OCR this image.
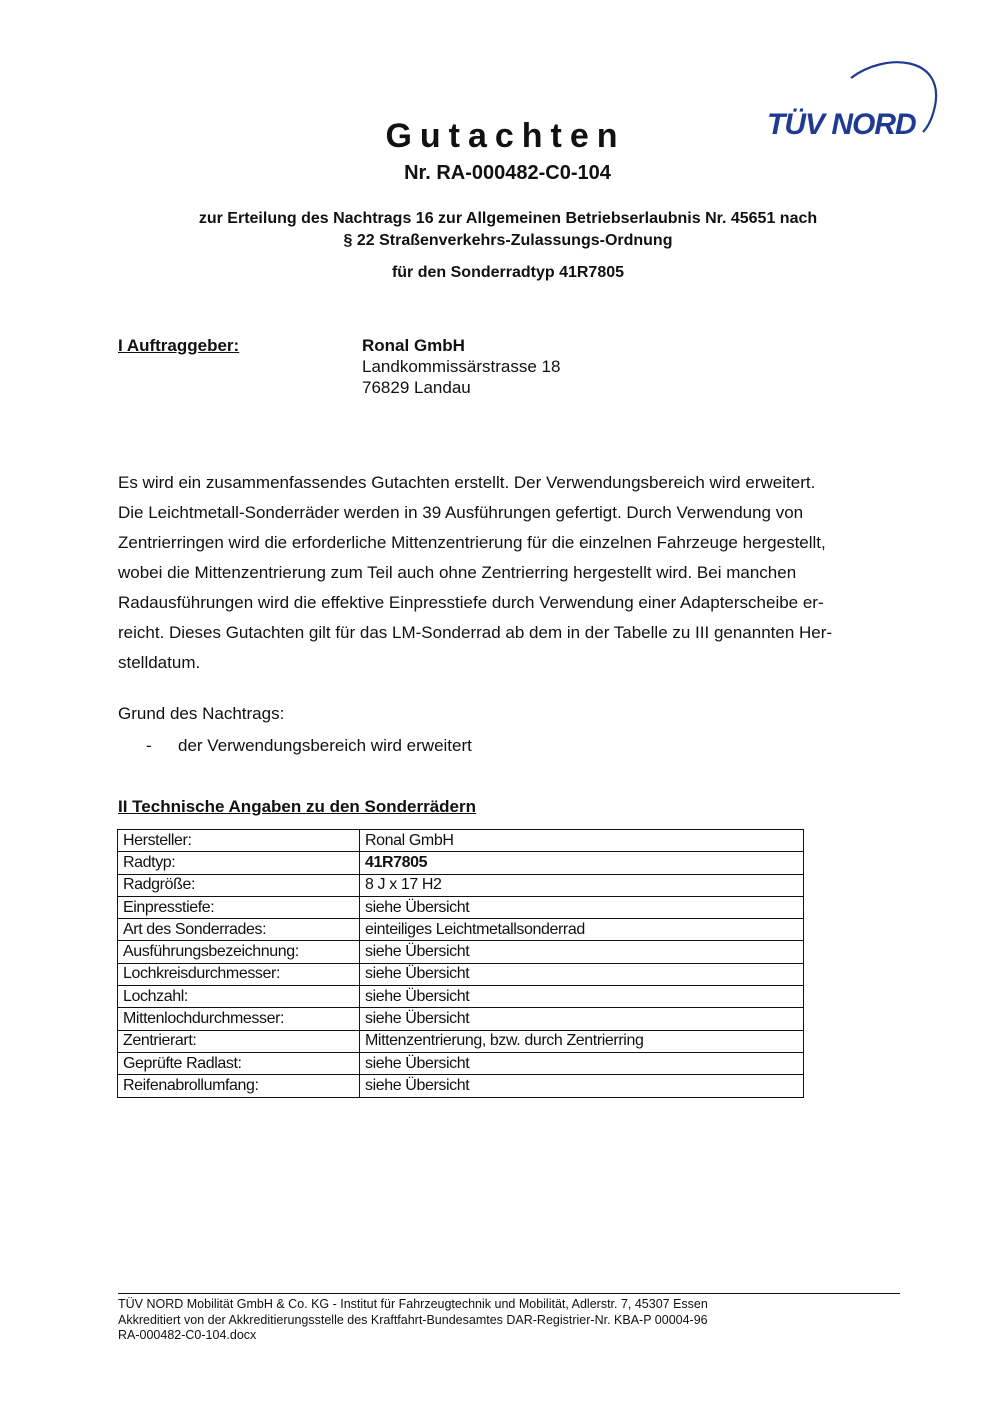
TÜV NORD
Gutachten
Nr. RA-000482-C0-104
zur Erteilung des Nachtrags 16 zur Allgemeinen Betriebserlaubnis Nr. 45651 nach
§ 22 Straßenverkehrs-Zulassungs-Ordnung
für den Sonderradtyp 41R7805
I Auftraggeber:	Ronal GmbH
Landkommissärstrasse 18
76829 Landau
Es wird ein zusammenfassendes Gutachten erstellt. Der Verwendungsbereich wird erweitert.
Die Leichtmetall-Sonderräder werden in 39 Ausführungen gefertigt. Durch Verwendung von
Zentrierringen wird die erforderliche Mittenzentrierung für die einzelnen Fahrzeuge hergestellt,
wobei die Mittenzentrierung zum Teil auch ohne Zentrierring hergestellt wird. Bei manchen
Radausführungen wird die effektive Einpresstiefe durch Verwendung einer Adapterscheibe er-
reicht. Dieses Gutachten gilt für das LM-Sonderrad ab dem in der Tabelle zu III genannten Her-
stelldatum.
Grund des Nachtrags:
- der Verwendungsbereich wird erweitert
II Technische Angaben zu den Sonderrädern
Hersteller:	Ronal GmbH
Radtyp:	41R7805
Radgröße:	8 J x 17 H2
Einpresstiefe:	siehe Übersicht
Art des Sonderrades:	einteiliges Leichtmetallsonderrad
Ausführungsbezeichnung:	siehe Übersicht
Lochkreisdurchmesser:	siehe Übersicht
Lochzahl:	siehe Übersicht
Mittenlochdurchmesser:	siehe Übersicht
Zentrierart:	Mittenzentrierung, bzw. durch Zentrierring
Geprüfte Radlast:	siehe Übersicht
Reifenabrollumfang:	siehe Übersicht
TÜV NORD Mobilität GmbH & Co. KG - Institut für Fahrzeugtechnik und Mobilität, Adlerstr. 7, 45307 Essen
Akkreditiert von der Akkreditierungsstelle des Kraftfahrt-Bundesamtes DAR-Registrier-Nr. KBA-P 00004-96
RA-000482-C0-104.docx
